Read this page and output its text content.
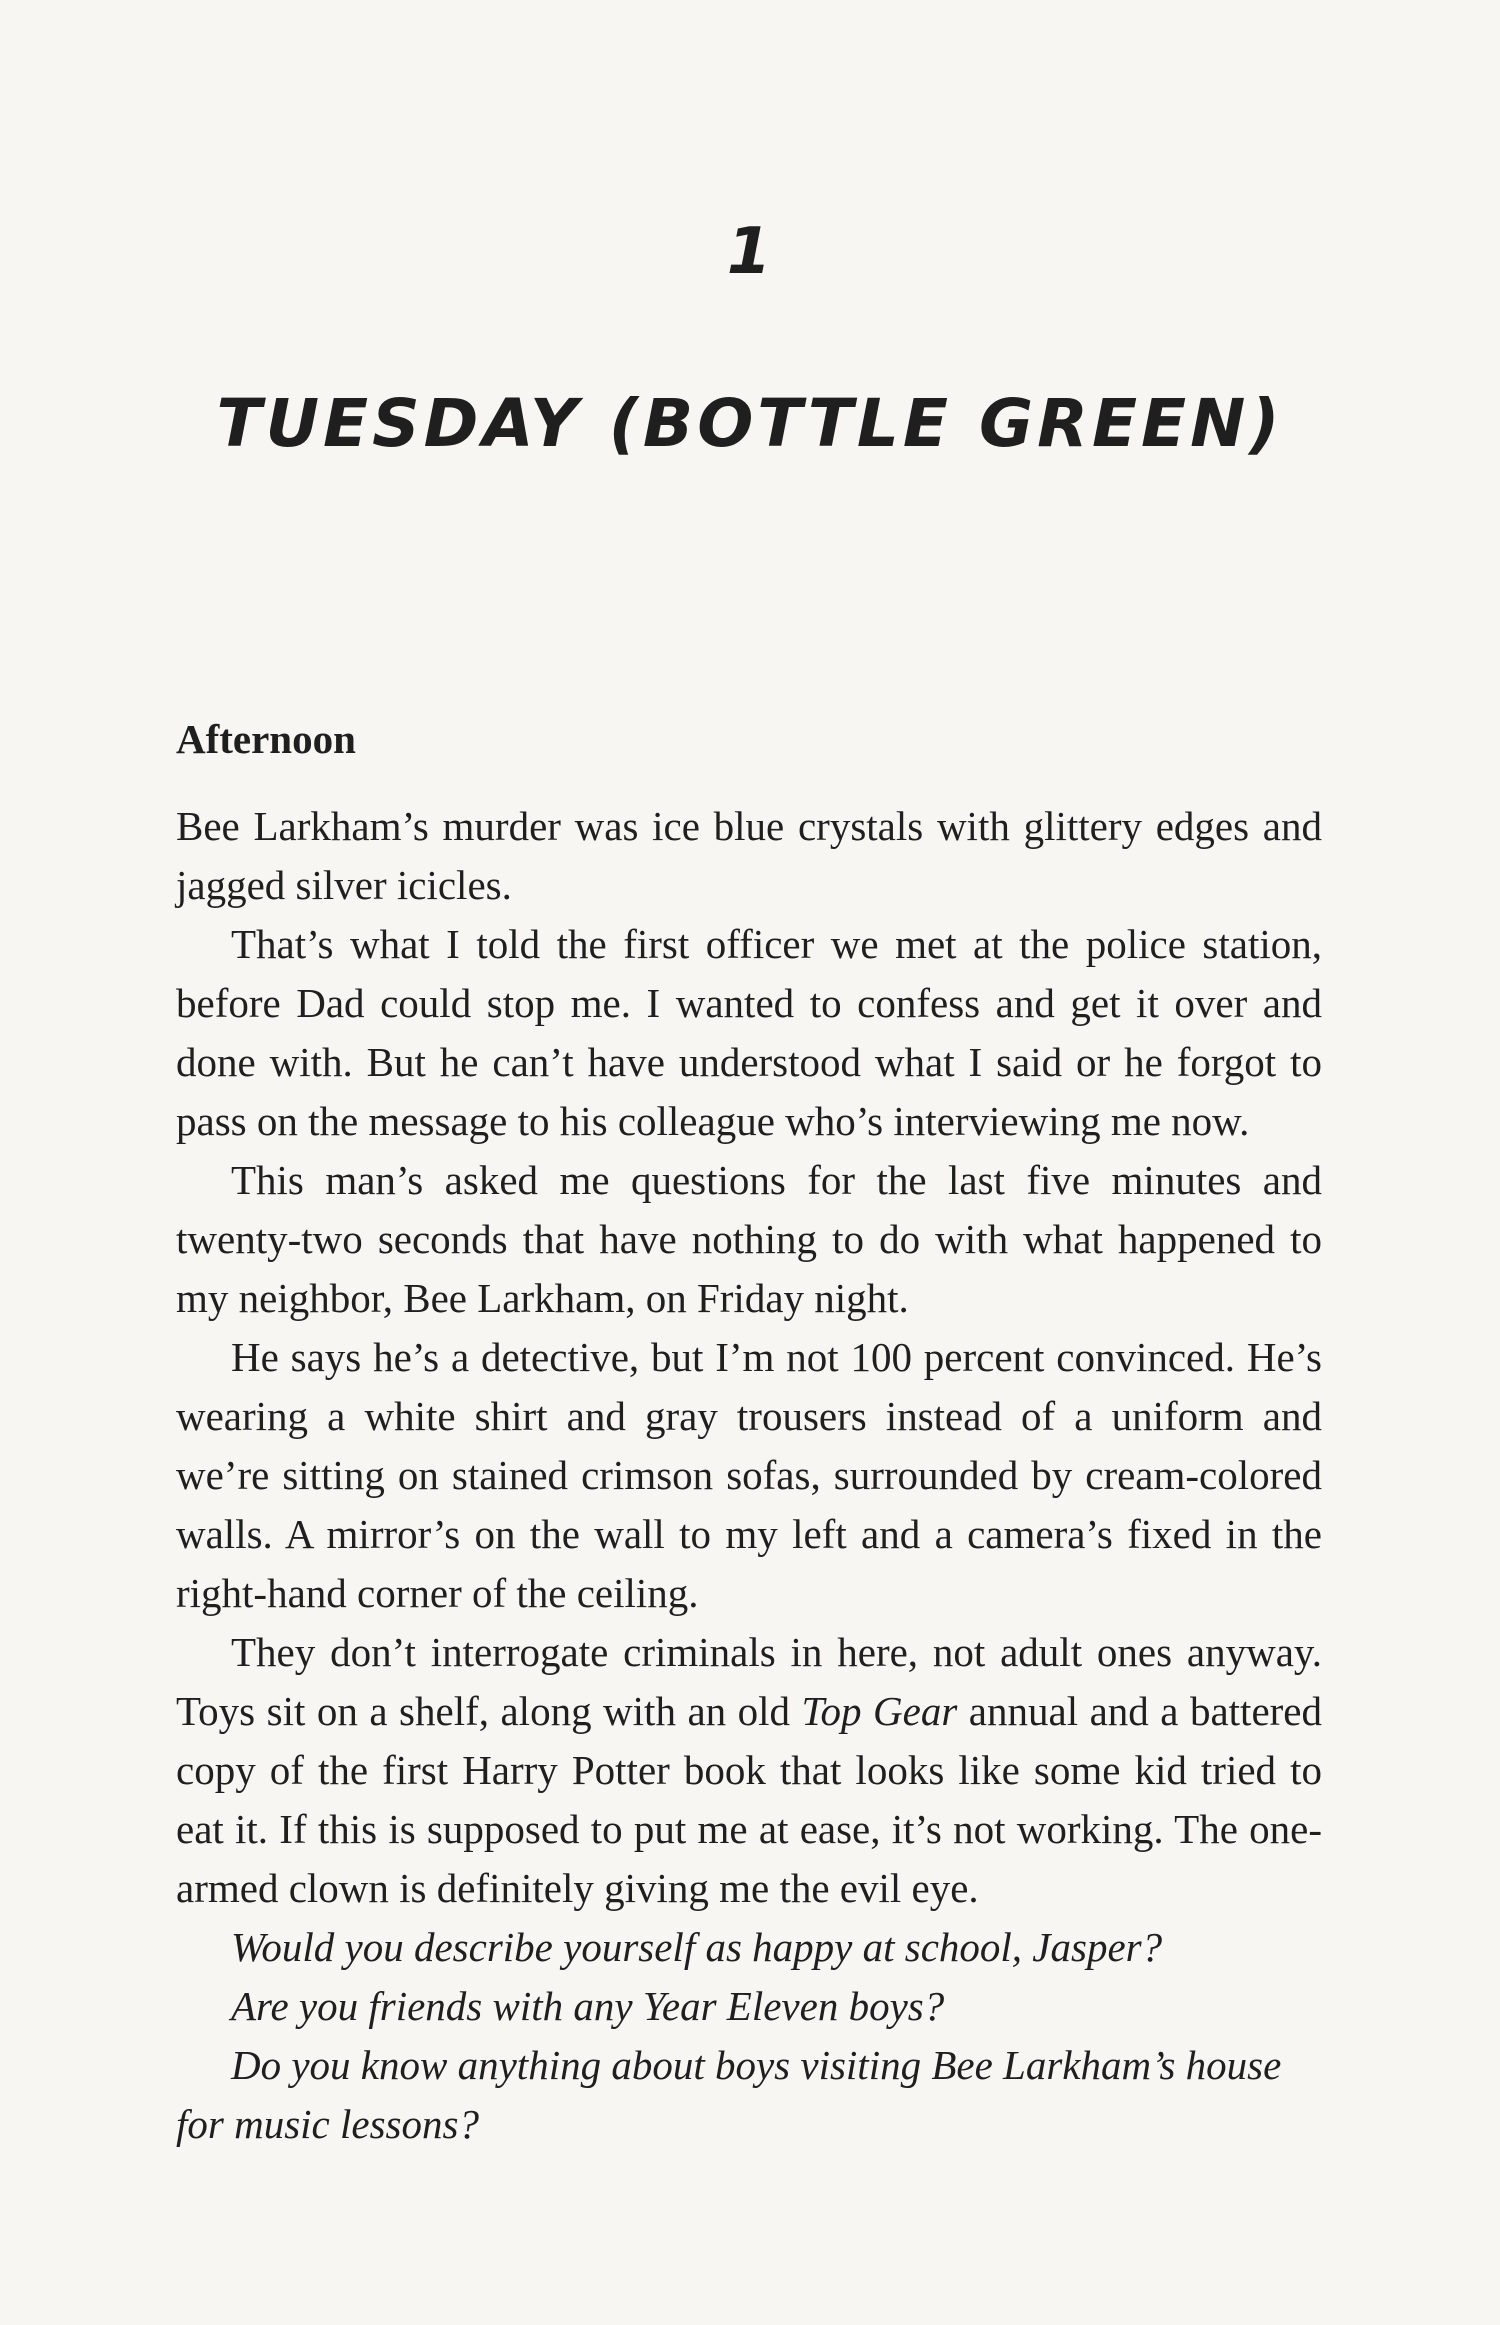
1
TUESDAY (BOTTLE GREEN)
Afternoon

Bee Larkham’s murder was ice blue crystals with glittery edges and jagged silver icicles.

That’s what I told the first officer we met at the police station, before Dad could stop me. I wanted to confess and get it over and done with. But he can’t have understood what I said or he forgot to pass on the message to his colleague who’s interviewing me now.

This man’s asked me questions for the last five minutes and twenty-two seconds that have nothing to do with what happened to my neighbor, Bee Larkham, on Friday night.

He says he’s a detective, but I’m not 100 percent convinced. He’s wearing a white shirt and gray trousers instead of a uniform and we’re sitting on stained crimson sofas, surrounded by cream-colored walls. A mirror’s on the wall to my left and a camera’s fixed in the right-hand corner of the ceiling.

They don’t interrogate criminals in here, not adult ones anyway. Toys sit on a shelf, along with an old Top Gear annual and a battered copy of the first Harry Potter book that looks like some kid tried to eat it. If this is supposed to put me at ease, it’s not working. The one-armed clown is definitely giving me the evil eye.

Would you describe yourself as happy at school, Jasper?

Are you friends with any Year Eleven boys?

Do you know anything about boys visiting Bee Larkham’s house for music lessons?
